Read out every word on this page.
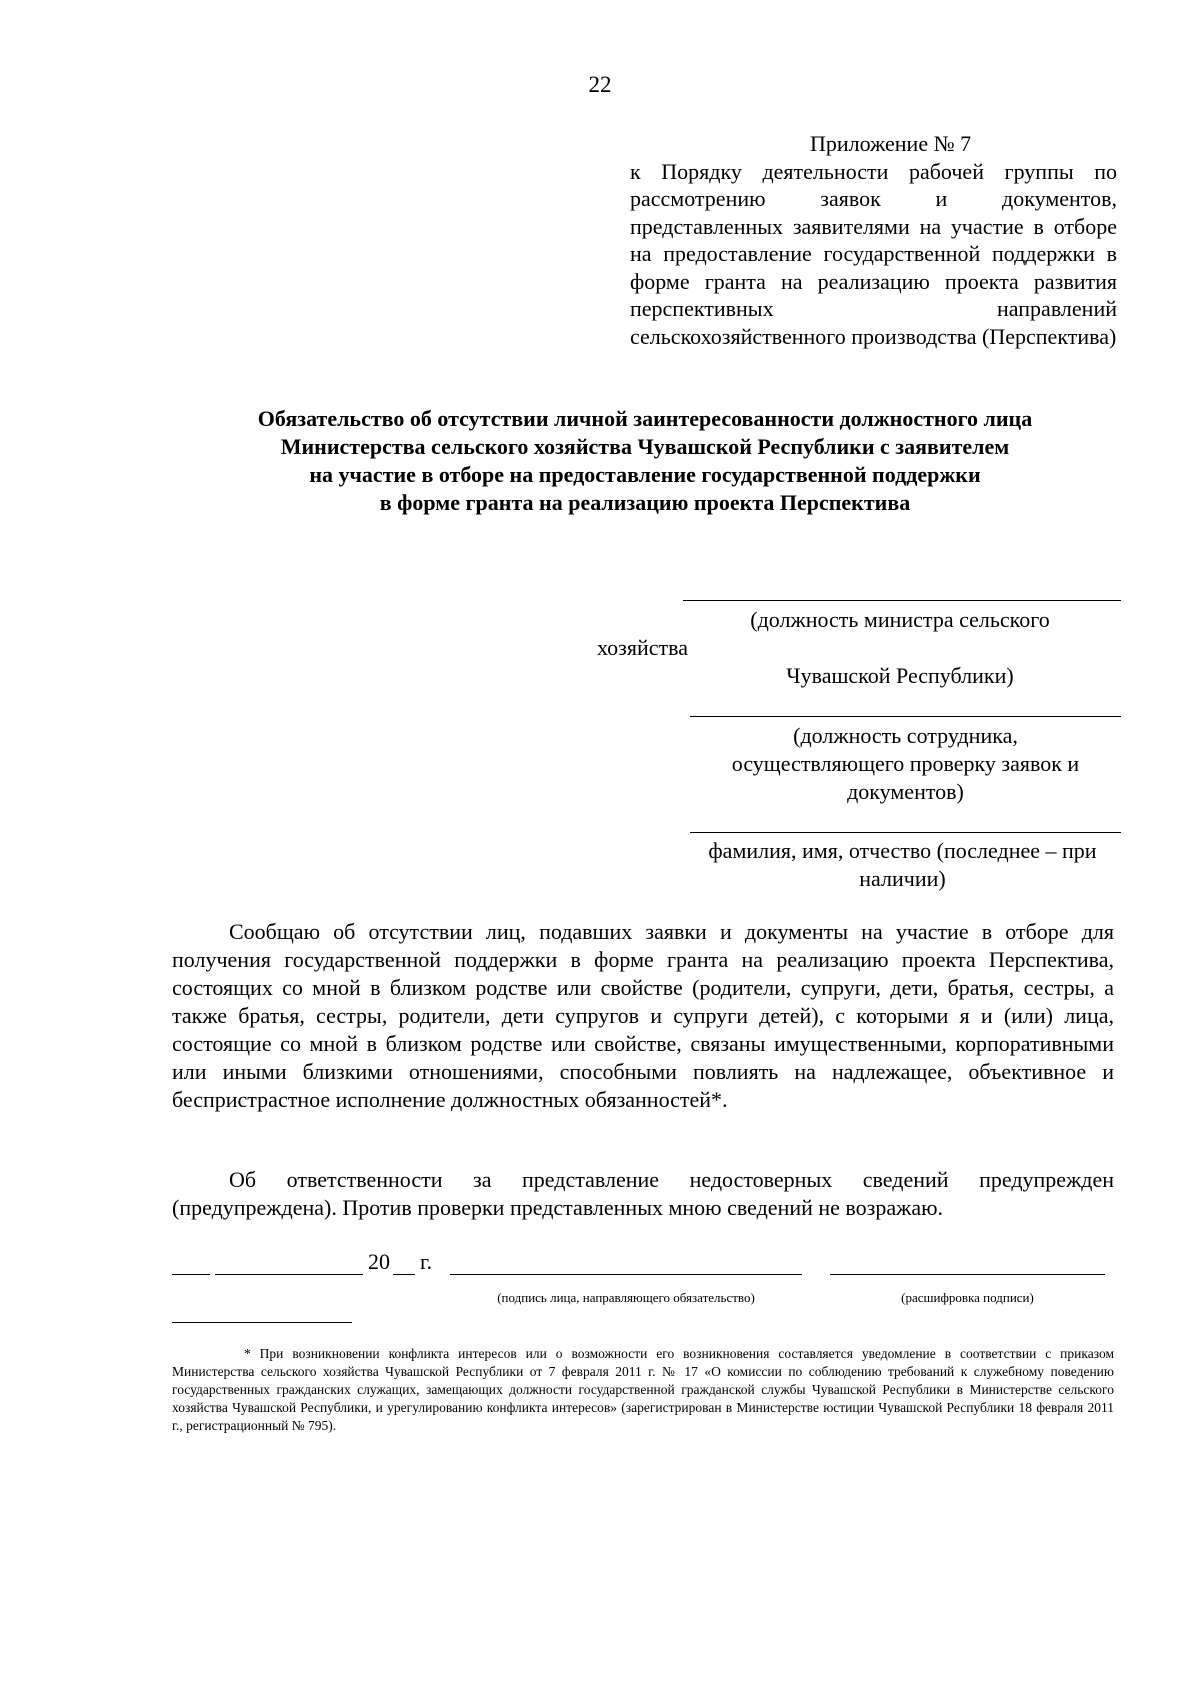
22
Приложение № 7
к Порядку деятельности рабочей группы по рассмотрению заявок и документов, представленных заявителями на участие в отборе на предоставление государственной поддержки в форме гранта на реализацию проекта развития перспективных направлений сельскохозяйственного производства (Перспектива)
Обязательство об отсутствии личной заинтересованности должностного лица
Министерства сельского хозяйства Чувашской Республики с заявителем
на участие в отборе на предоставление государственной поддержки
в форме гранта на реализацию проекта Перспектива
(должность министра сельского
хозяйства
Чувашской Республики)
(должность сотрудника,
осуществляющего проверку заявок и
документов)
фамилия, имя, отчество (последнее – при
наличии)

Сообщаю об отсутствии лиц, подавших заявки и документы на участие в отборе для получения государственной поддержки в форме гранта на реализацию проекта Перспектива, состоящих со мной в близком родстве или свойстве (родители, супруги, дети, братья, сестры, а также братья, сестры, родители, дети супругов и супруги детей), с которыми я и (или) лица, состоящие со мной в близком родстве или свойстве, связаны имущественными, корпоративными или иными близкими отношениями, способными повлиять на надлежащее, объективное и беспристрастное исполнение должностных обязанностей*.

Об ответственности за представление недостоверных сведений предупрежден (предупреждена). Против проверки представленных мною сведений не возражаю.

20 г.
(подпись лица, направляющего обязательство)	(расшифровка подписи)

* При возникновении конфликта интересов или о возможности его возникновения составляется уведомление в соответствии с приказом Министерства сельского хозяйства Чувашской Республики от 7 февраля 2011 г. № 17 «О комиссии по соблюдению требований к служебному поведению государственных гражданских служащих, замещающих должности государственной гражданской службы Чувашской Республики в Министерстве сельского хозяйства Чувашской Республики, и урегулированию конфликта интересов» (зарегистрирован в Министерстве юстиции Чувашской Республики 18 февраля 2011 г., регистрационный № 795).
